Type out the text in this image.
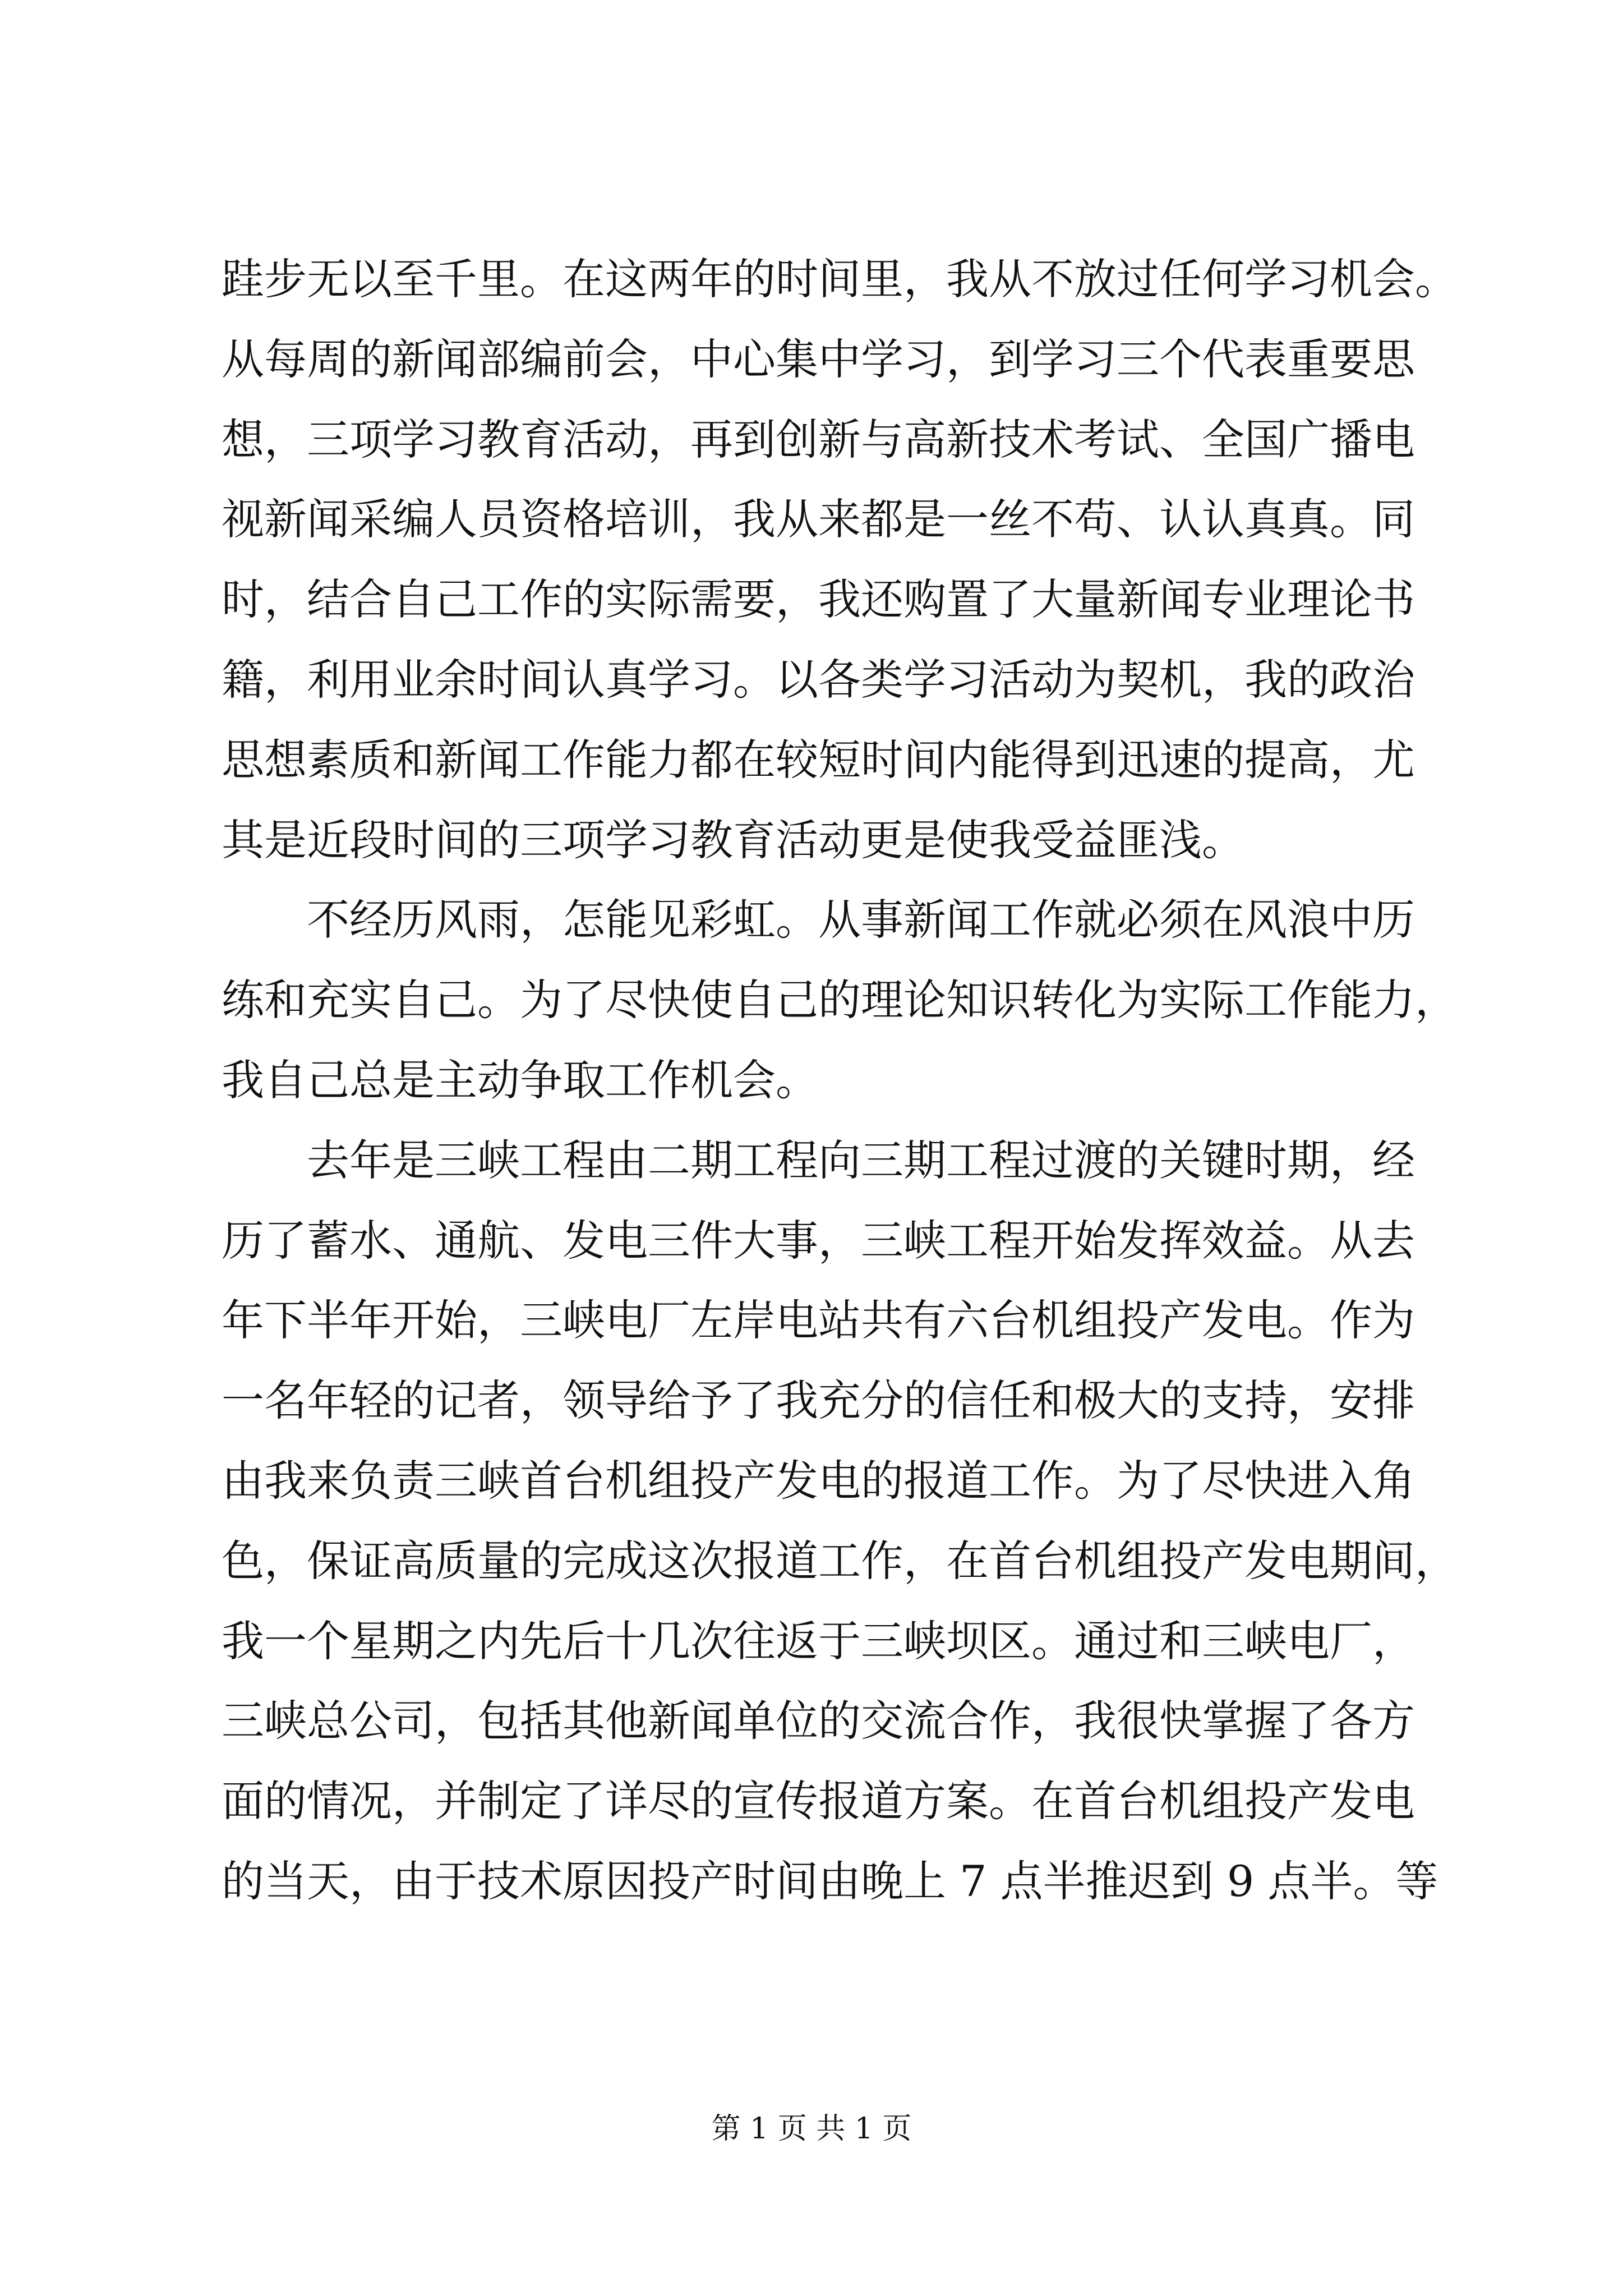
跬步无以至千里。在这两年的时间里，我从不放过任何学习机会。
从每周的新闻部编前会，中心集中学习，到学习三个代表重要思
想，三项学习教育活动，再到创新与高新技术考试、全国广播电
视新闻采编人员资格培训，我从来都是一丝不苟、认认真真。同
时，结合自己工作的实际需要，我还购置了大量新闻专业理论书
籍，利用业余时间认真学习。以各类学习活动为契机，我的政治
思想素质和新闻工作能力都在较短时间内能得到迅速的提高，尤
其是近段时间的三项学习教育活动更是使我受益匪浅。
不经历风雨，怎能见彩虹。从事新闻工作就必须在风浪中历
练和充实自己。为了尽快使自己的理论知识转化为实际工作能力，
我自己总是主动争取工作机会。
去年是三峡工程由二期工程向三期工程过渡的关键时期，经
历了蓄水、通航、发电三件大事，三峡工程开始发挥效益。从去
年下半年开始，三峡电厂左岸电站共有六台机组投产发电。作为
一名年轻的记者，领导给予了我充分的信任和极大的支持，安排
由我来负责三峡首台机组投产发电的报道工作。为了尽快进入角
色，保证高质量的完成这次报道工作，在首台机组投产发电期间，
我一个星期之内先后十几次往返于三峡坝区。通过和三峡电厂，
三峡总公司，包括其他新闻单位的交流合作，我很快掌握了各方
面的情况，并制定了详尽的宣传报道方案。在首台机组投产发电
的当天，由于技术原因投产时间由晚上 7 点半推迟到 9 点半。等
第 1 页 共 1 页
